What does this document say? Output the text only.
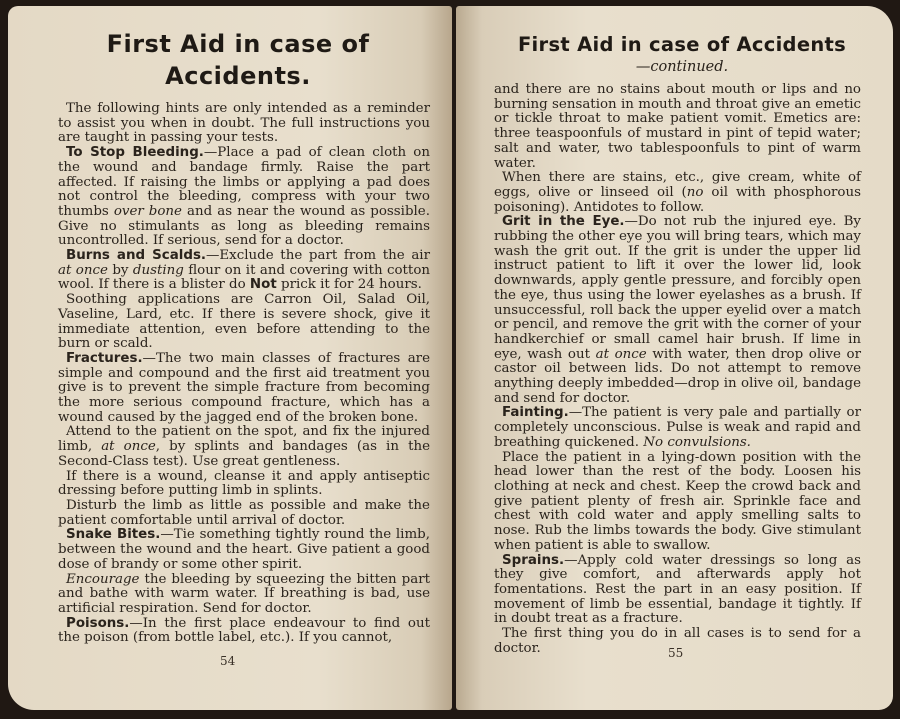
First Aid in case of
Accidents.

The following hints are only intended as a reminder to assist you when in doubt. The full instructions you are taught in passing your tests.

To Stop Bleeding.—Place a pad of clean cloth on the wound and bandage firmly. Raise the part affected. If raising the limbs or applying a pad does not control the bleeding, compress with your two thumbs over bone and as near the wound as possible. Give no stimulants as long as bleeding remains uncontrolled. If serious, send for a doctor.

Burns and Scalds.—Exclude the part from the air at once by dusting flour on it and covering with cotton wool. If there is a blister do Not prick it for 24 hours.

Soothing applications are Carron Oil, Salad Oil, Vaseline, Lard, etc. If there is severe shock, give it immediate attention, even before attending to the burn or scald.

Fractures.—The two main classes of fractures are simple and compound and the first aid treatment you give is to prevent the simple fracture from becoming the more serious compound fracture, which has a wound caused by the jagged end of the broken bone.

Attend to the patient on the spot, and fix the injured limb, at once, by splints and bandages (as in the Second-Class test). Use great gentleness.

If there is a wound, cleanse it and apply antiseptic dressing before putting limb in splints.

Disturb the limb as little as possible and make the patient comfortable until arrival of doctor.

Snake Bites.—Tie something tightly round the limb, between the wound and the heart. Give patient a good dose of brandy or some other spirit.

Encourage the bleeding by squeezing the bitten part and bathe with warm water. If breathing is bad, use artificial respiration. Send for doctor.

Poisons.—In the first place endeavour to find out the poison (from bottle label, etc.). If you cannot,

54
First Aid in case of Accidents
—continued.

and there are no stains about mouth or lips and no burning sensation in mouth and throat give an emetic or tickle throat to make patient vomit. Emetics are: three teaspoonfuls of mustard in pint of tepid water; salt and water, two tablespoonfuls to pint of warm water.

When there are stains, etc., give cream, white of eggs, olive or linseed oil (no oil with phosphorous poisoning). Antidotes to follow.

Grit in the Eye.—Do not rub the injured eye. By rubbing the other eye you will bring tears, which may wash the grit out. If the grit is under the upper lid instruct patient to lift it over the lower lid, look downwards, apply gentle pressure, and forcibly open the eye, thus using the lower eyelashes as a brush. If unsuccessful, roll back the upper eyelid over a match or pencil, and remove the grit with the corner of your handkerchief or small camel hair brush. If lime in eye, wash out at once with water, then drop olive or castor oil between lids. Do not attempt to remove anything deeply imbedded—drop in olive oil, bandage and send for doctor.

Fainting.—The patient is very pale and partially or completely unconscious. Pulse is weak and rapid and breathing quickened. No convulsions.

Place the patient in a lying-down position with the head lower than the rest of the body. Loosen his clothing at neck and chest. Keep the crowd back and give patient plenty of fresh air. Sprinkle face and chest with cold water and apply smelling salts to nose. Rub the limbs towards the body. Give stimulant when patient is able to swallow.

Sprains.—Apply cold water dressings so long as they give comfort, and afterwards apply hot fomentations. Rest the part in an easy position. If movement of limb be essential, bandage it tightly. If in doubt treat as a fracture.

The first thing you do in all cases is to send for a doctor.	55
